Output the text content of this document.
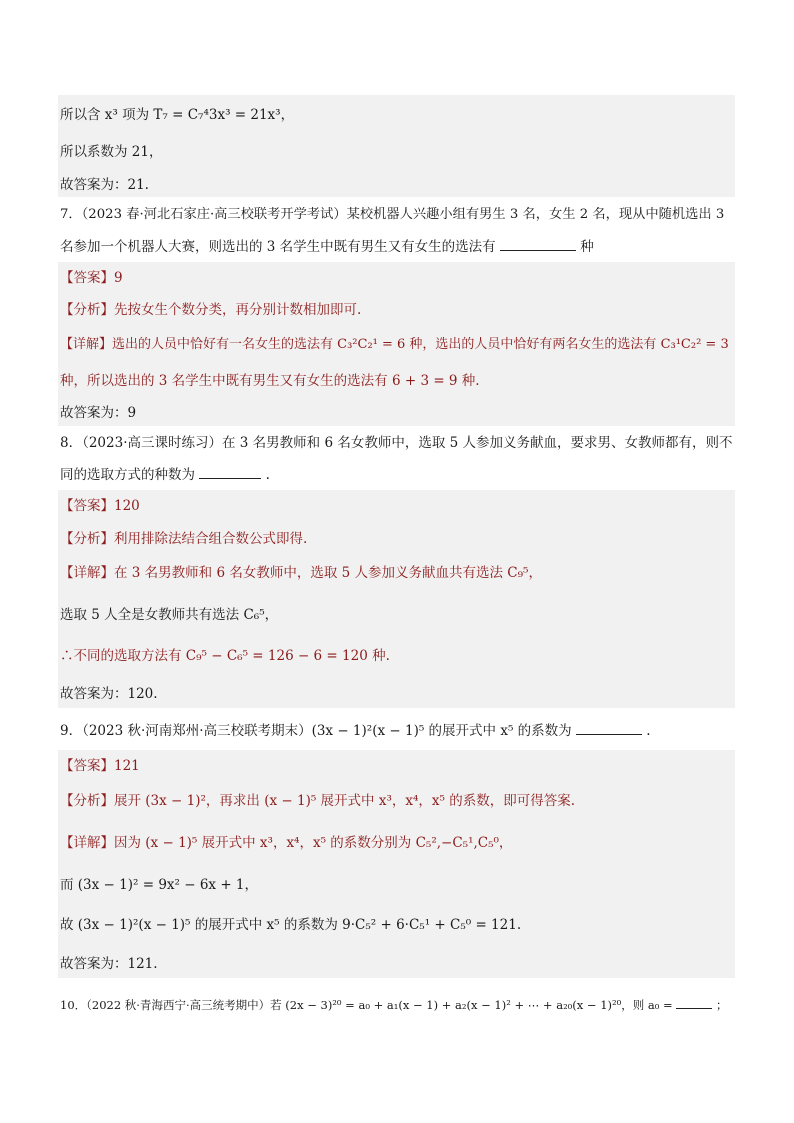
所以含 x³ 项为 T₇ = C₇⁴3x³ = 21x³，
所以系数为 21，
故答案为：21.
7．（2023 春·河北石家庄·高三校联考开学考试）某校机器人兴趣小组有男生 3 名，女生 2 名，现从中随机选出 3
名参加一个机器人大赛，则选出的 3 名学生中既有男生又有女生的选法有	种
【答案】9
【分析】先按女生个数分类，再分别计数相加即可.
【详解】选出的人员中恰好有一名女生的选法有 C₃²C₂¹ = 6 种，选出的人员中恰好有两名女生的选法有 C₃¹C₂² = 3
种，所以选出的 3 名学生中既有男生又有女生的选法有 6 + 3 = 9 种.
故答案为：9
8．（2023·高三课时练习）在 3 名男教师和 6 名女教师中，选取 5 人参加义务献血，要求男、女教师都有，则不
同的选取方式的种数为	.
【答案】120
【分析】利用排除法结合组合数公式即得.
【详解】在 3 名男教师和 6 名女教师中，选取 5 人参加义务献血共有选法 C₉⁵，
选取 5 人全是女教师共有选法 C₆⁵，
∴不同的选取方法有 C₉⁵ − C₆⁵ = 126 − 6 = 120 种.
故答案为：120.
9．（2023 秋·河南郑州·高三校联考期末）(3x − 1)²(x − 1)⁵ 的展开式中 x⁵ 的系数为	.
【答案】121
【分析】展开 (3x − 1)²，再求出 (x − 1)⁵ 展开式中 x³，x⁴，x⁵ 的系数，即可得答案.
【详解】因为 (x − 1)⁵ 展开式中 x³，x⁴，x⁵ 的系数分别为 C₅²,−C₅¹,C₅⁰，
而 (3x − 1)² = 9x² − 6x + 1，
故 (3x − 1)²(x − 1)⁵ 的展开式中 x⁵ 的系数为 9·C₅² + 6·C₅¹ + C₅⁰ = 121.
故答案为：121.
10．（2022 秋·青海西宁·高三统考期中）若 (2x − 3)²⁰ = a₀ + a₁(x − 1) + a₂(x − 1)² + ⋯ + a₂₀(x − 1)²⁰，则 a₀ =	；
